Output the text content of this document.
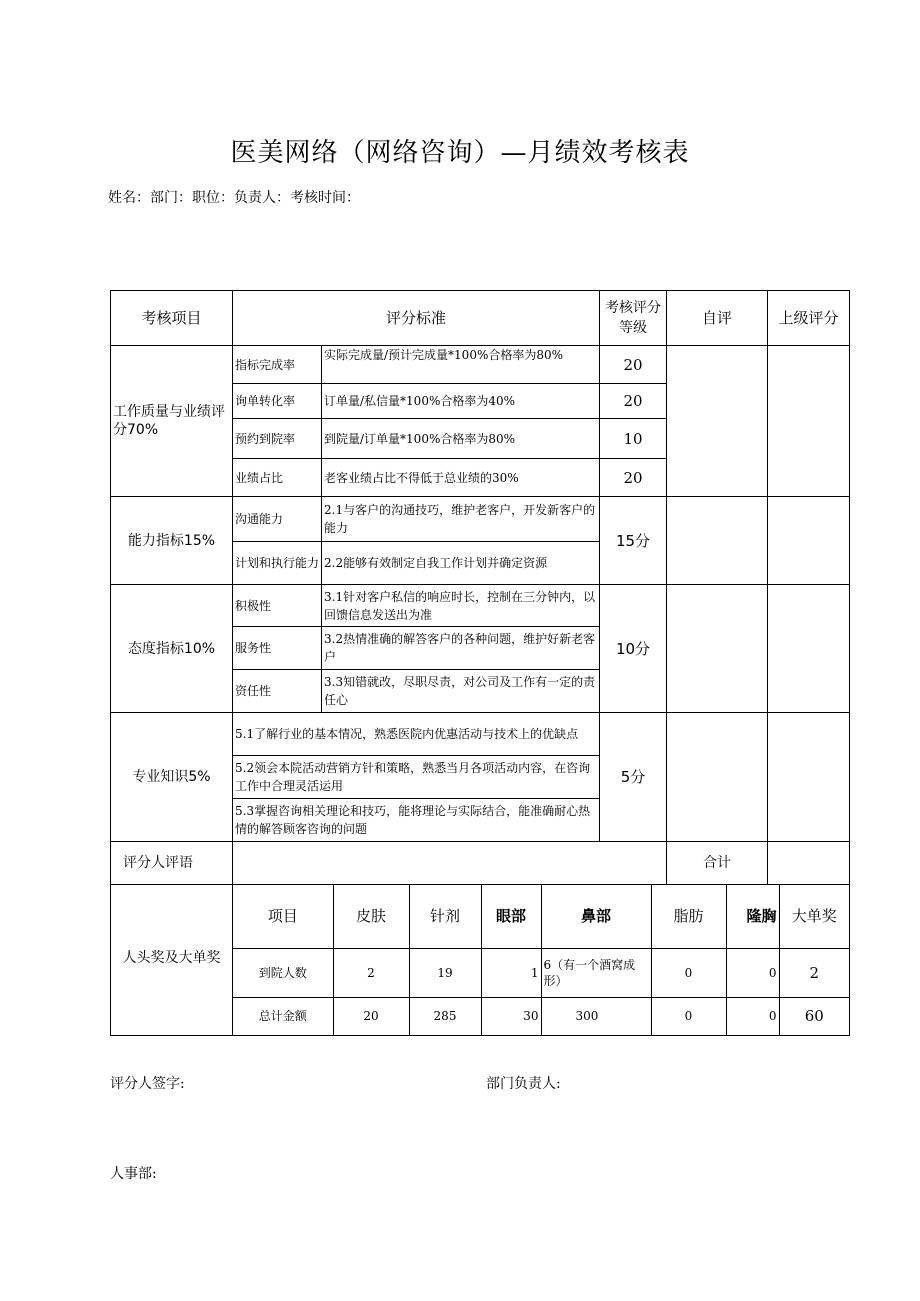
医美网络（网络咨询）—月绩效考核表
姓名：部门：职位：负责人：考核时间：
考核项目	评分标准	考核评分等级	自评	上级评分
工作质量与业绩评分70%	指标完成率	实际完成量/预计完成量*100%合格率为80%	20		
询单转化率	订单量/私信量*100%合格率为40%	20
预约到院率	到院量/订单量*100%合格率为80%	10
业绩占比	老客业绩占比不得低于总业绩的30%	20
能力指标15%	沟通能力	2.1与客户的沟通技巧，维护老客户，开发新客户的能力	15分		
计划和执行能力	2.2能够有效制定自我工作计划并确定资源
态度指标10%	积极性	3.1针对客户私信的响应时长，控制在三分钟内，以回馈信息发送出为准	10分		
服务性	3.2热情准确的解答客户的各种问题，维护好新老客户
资任性	3.3知错就改，尽职尽责，对公司及工作有一定的责任心
专业知识5%	5.1了解行业的基本情况，熟悉医院内优惠活动与技术上的优缺点	5分		
5.2领会本院活动营销方针和策略，熟悉当月各项活动内容，在咨询工作中合理灵活运用
5.3掌握咨询相关理论和技巧，能将理论与实际结合，能准确耐心热情的解答顾客咨询的问题
评分人评语		合计	
人头奖及大单奖	
项目	皮肤	针剂	眼部	鼻部	脂肪	隆胸	大单奖
到院人数	2	19	1	6（有一个酒窝成形）	0	0	2
总计金额	20	285	30	300	0	0	60
评分人签字:	部门负责人:
人事部:
